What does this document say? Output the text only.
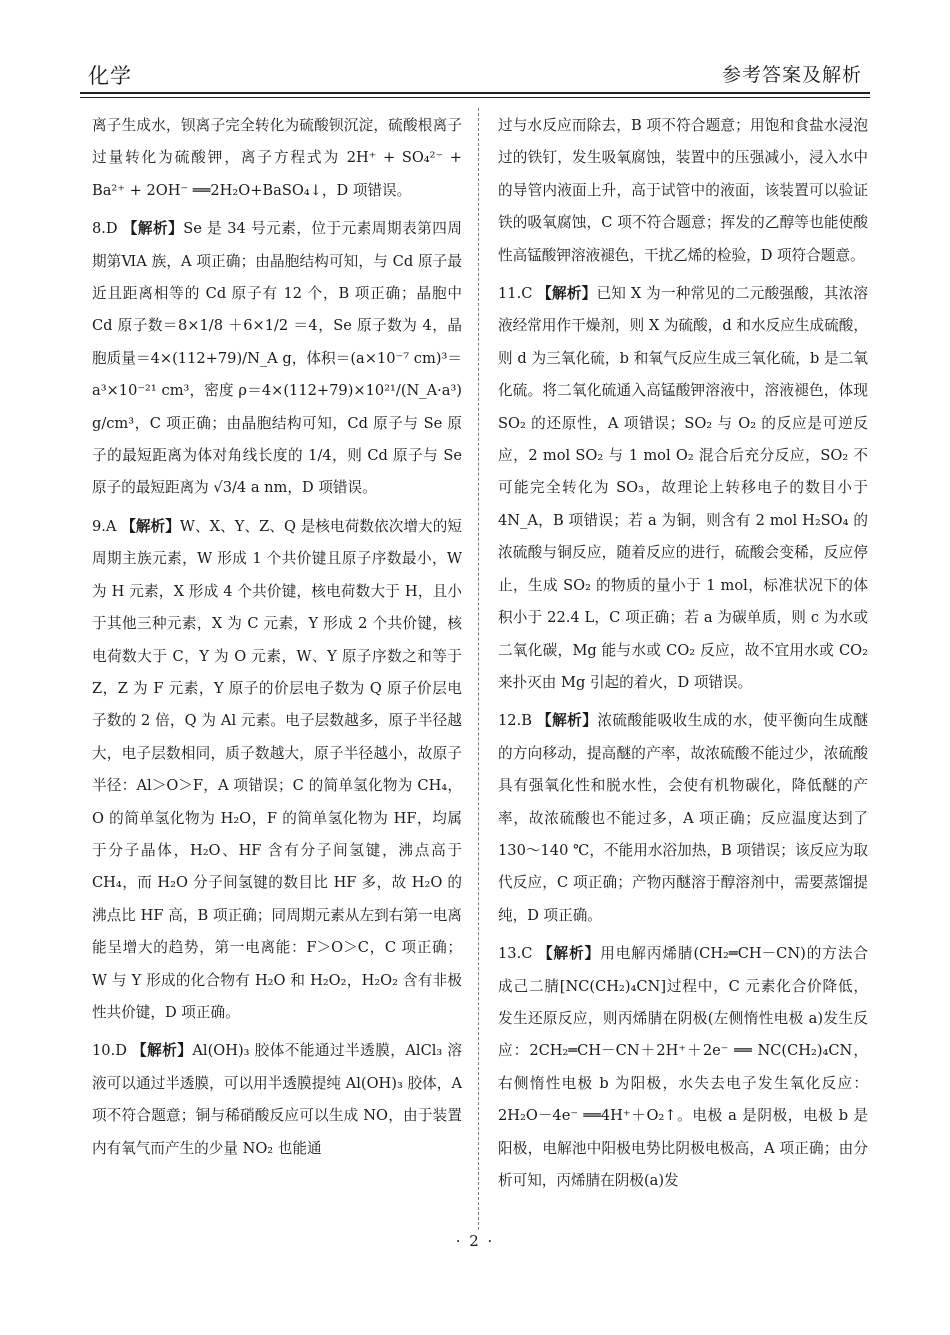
化学	参考答案及解析

离子生成水，钡离子完全转化为硫酸钡沉淀，硫酸根离子过量转化为硫酸钾，离子方程式为 2H⁺ + SO₄²⁻ + Ba²⁺ + 2OH⁻ ══2H₂O+BaSO₄↓，D 项错误。

8.D 【解析】Se 是 34 号元素，位于元素周期表第四周期第ⅥA 族，A 项正确；由晶胞结构可知，与 Cd 原子最近且距离相等的 Cd 原子有 12 个，B 项正确；晶胞中 Cd 原子数＝8×1/8 ＋6×1/2 ＝4，Se 原子数为 4，晶胞质量＝4×(112+79)/N_A g，体积＝(a×10⁻⁷ cm)³＝a³×10⁻²¹ cm³，密度 ρ＝4×(112+79)×10²¹/(N_A·a³) g/cm³，C 项正确；由晶胞结构可知，Cd 原子与 Se 原子的最短距离为体对角线长度的 1/4，则 Cd 原子与 Se 原子的最短距离为 √3/4 a nm，D 项错误。

9.A 【解析】W、X、Y、Z、Q 是核电荷数依次增大的短周期主族元素，W 形成 1 个共价键且原子序数最小，W 为 H 元素，X 形成 4 个共价键，核电荷数大于 H，且小于其他三种元素，X 为 C 元素，Y 形成 2 个共价键，核电荷数大于 C，Y 为 O 元素，W、Y 原子序数之和等于 Z，Z 为 F 元素，Y 原子的价层电子数为 Q 原子价层电子数的 2 倍，Q 为 Al 元素。电子层数越多，原子半径越大，电子层数相同，质子数越大，原子半径越小，故原子半径：Al＞O＞F，A 项错误；C 的简单氢化物为 CH₄，O 的简单氢化物为 H₂O，F 的简单氢化物为 HF，均属于分子晶体，H₂O、HF 含有分子间氢键，沸点高于 CH₄，而 H₂O 分子间氢键的数目比 HF 多，故 H₂O 的沸点比 HF 高，B 项正确；同周期元素从左到右第一电离能呈增大的趋势，第一电离能：F＞O＞C，C 项正确；W 与 Y 形成的化合物有 H₂O 和 H₂O₂，H₂O₂ 含有非极性共价键，D 项正确。

10.D 【解析】Al(OH)₃ 胶体不能通过半透膜，AlCl₃ 溶液可以通过半透膜，可以用半透膜提纯 Al(OH)₃ 胶体，A 项不符合题意；铜与稀硝酸反应可以生成 NO，由于装置内有氧气而产生的少量 NO₂ 也能通

过与水反应而除去，B 项不符合题意；用饱和食盐水浸泡过的铁钉，发生吸氧腐蚀，装置中的压强减小，浸入水中的导管内液面上升，高于试管中的液面，该装置可以验证铁的吸氧腐蚀，C 项不符合题意；挥发的乙醇等也能使酸性高锰酸钾溶液褪色，干扰乙烯的检验，D 项符合题意。

11.C 【解析】已知 X 为一种常见的二元酸强酸，其浓溶液经常用作干燥剂，则 X 为硫酸，d 和水反应生成硫酸，则 d 为三氧化硫，b 和氧气反应生成三氧化硫，b 是二氧化硫。将二氧化硫通入高锰酸钾溶液中，溶液褪色，体现 SO₂ 的还原性，A 项错误；SO₂ 与 O₂ 的反应是可逆反应，2 mol SO₂ 与 1 mol O₂ 混合后充分反应，SO₂ 不可能完全转化为 SO₃，故理论上转移电子的数目小于 4N_A，B 项错误；若 a 为铜，则含有 2 mol H₂SO₄ 的浓硫酸与铜反应，随着反应的进行，硫酸会变稀，反应停止，生成 SO₂ 的物质的量小于 1 mol，标准状况下的体积小于 22.4 L，C 项正确；若 a 为碳单质，则 c 为水或二氧化碳，Mg 能与水或 CO₂ 反应，故不宜用水或 CO₂ 来扑灭由 Mg 引起的着火，D 项错误。

12.B 【解析】浓硫酸能吸收生成的水，使平衡向生成醚的方向移动，提高醚的产率，故浓硫酸不能过少，浓硫酸具有强氧化性和脱水性，会使有机物碳化，降低醚的产率，故浓硫酸也不能过多，A 项正确；反应温度达到了 130～140 ℃，不能用水浴加热，B 项错误；该反应为取代反应，C 项正确；产物丙醚溶于醇溶剂中，需要蒸馏提纯，D 项正确。

13.C 【解析】用电解丙烯腈(CH₂═CH－CN)的方法合成己二腈[NC(CH₂)₄CN]过程中，C 元素化合价降低，发生还原反应，则丙烯腈在阴极(左侧惰性电极 a)发生反应：2CH₂═CH－CN＋2H⁺＋2e⁻ ══ NC(CH₂)₄CN，右侧惰性电极 b 为阳极，水失去电子发生氧化反应：2H₂O－4e⁻ ══4H⁺＋O₂↑。电极 a 是阴极，电极 b 是阳极，电解池中阳极电势比阴极电极高，A 项正确；由分析可知，丙烯腈在阴极(a)发

· 2 ·
